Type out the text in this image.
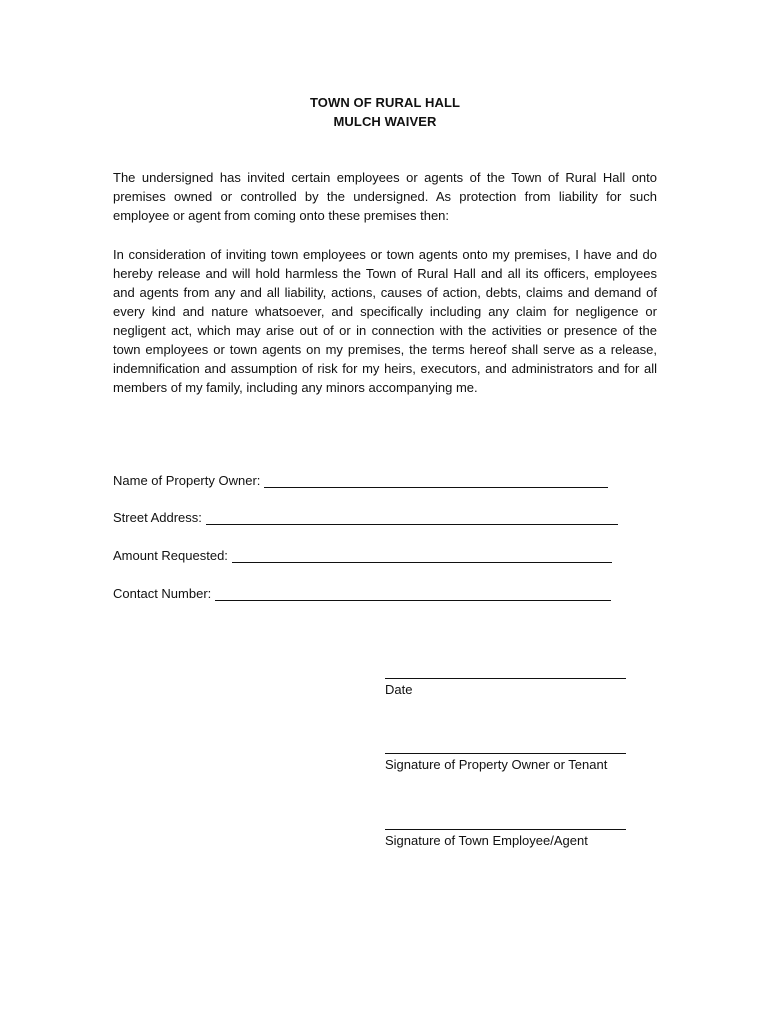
TOWN OF RURAL HALL
MULCH WAIVER
The undersigned has invited certain employees or agents of the Town of Rural Hall onto premises owned or controlled by the undersigned. As protection from liability for such employee or agent from coming onto these premises then:
In consideration of inviting town employees or town agents onto my premises, I have and do hereby release and will hold harmless the Town of Rural Hall and all its officers, employees and agents from any and all liability, actions, causes of action, debts, claims and demand of every kind and nature whatsoever, and specifically including any claim for negligence or negligent act, which may arise out of or in connection with the activities or presence of the town employees or town agents on my premises, the terms hereof shall serve as a release, indemnification and assumption of risk for my heirs, executors, and administrators and for all members of my family, including any minors accompanying me.
Name of Property Owner:
Street Address:
Amount Requested:
Contact Number:
Date
Signature of Property Owner or Tenant
Signature of Town Employee/Agent
